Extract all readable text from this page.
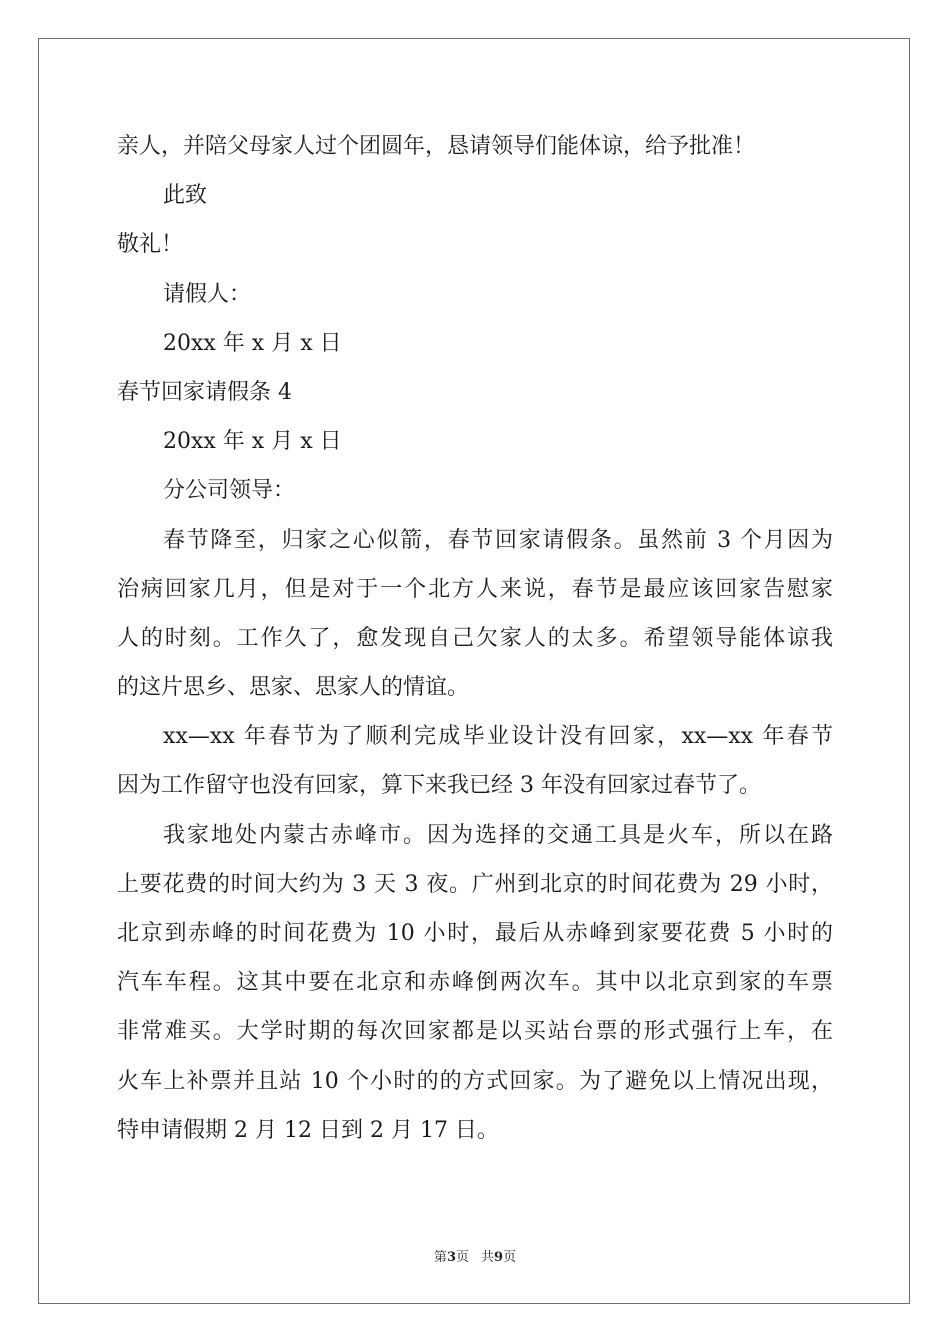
亲人，并陪父母家人过个团圆年，恳请领导们能体谅，给予批准！
此致
敬礼！
请假人：
20xx 年 x 月 x 日
春节回家请假条 4
20xx 年 x 月 x 日
分公司领导：
春节降至，归家之心似箭，春节回家请假条。虽然前 3 个月因为
治病回家几月，但是对于一个北方人来说，春节是最应该回家告慰家
人的时刻。工作久了，愈发现自己欠家人的太多。希望领导能体谅我
的这片思乡、思家、思家人的情谊。
xx—xx 年春节为了顺利完成毕业设计没有回家，xx—xx 年春节
因为工作留守也没有回家，算下来我已经 3 年没有回家过春节了。
我家地处内蒙古赤峰市。因为选择的交通工具是火车，所以在路
上要花费的时间大约为 3 天 3 夜。广州到北京的时间花费为 29 小时，
北京到赤峰的时间花费为 10 小时，最后从赤峰到家要花费 5 小时的
汽车车程。这其中要在北京和赤峰倒两次车。其中以北京到家的车票
非常难买。大学时期的每次回家都是以买站台票的形式强行上车，在
火车上补票并且站 10 个小时的的方式回家。为了避免以上情况出现，
特申请假期 2 月 12 日到 2 月 17 日。
第3页 共9页
